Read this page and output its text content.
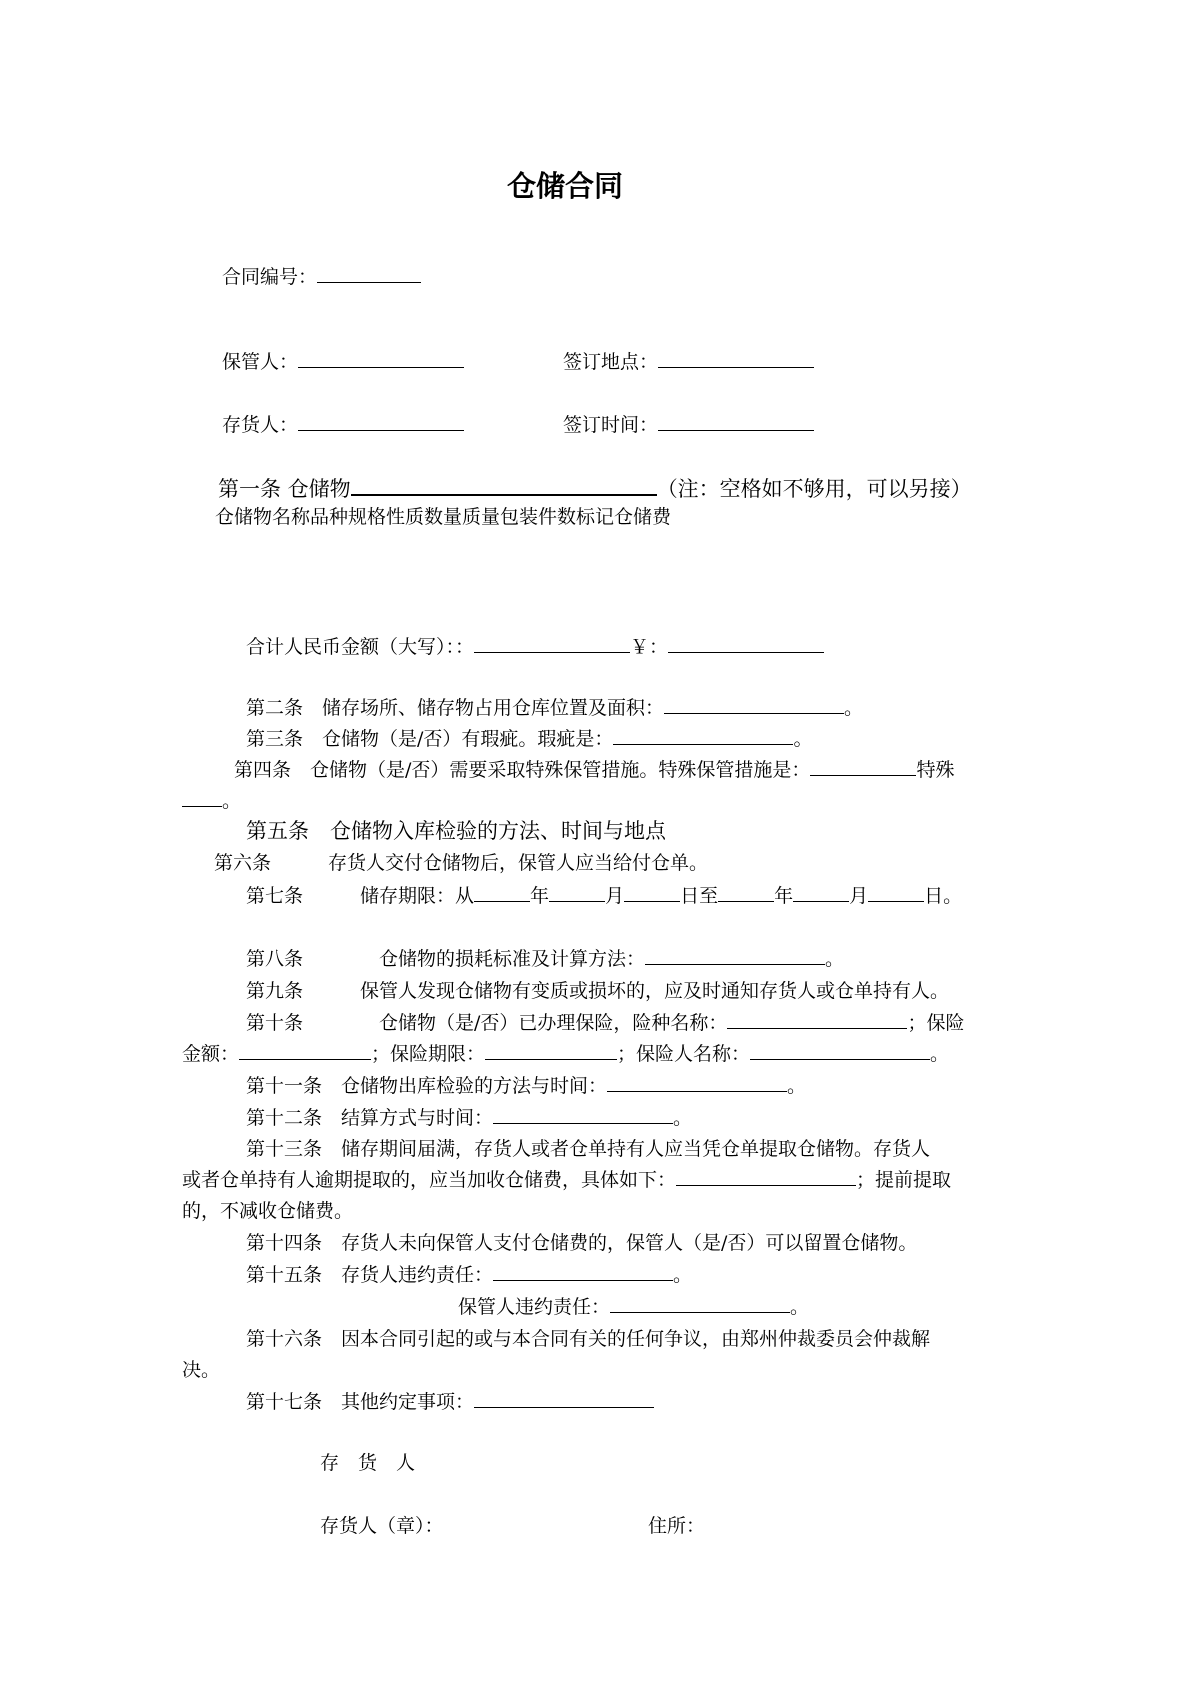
仓储合同
合同编号：
保管人：	签订地点：
存货人：	签订时间：
第一条 仓储物	（注：空格如不够用，可以另接）
仓储物名称品种规格性质数量质量包装件数标记仓储费
合计人民币金额（大写）：：	￥：
第二条　 储存场所、储存物占用仓库位置及面积：	。
第三条　 仓储物（是/否）有瑕疵。瑕疵是：	。
第四条　 仓储物（是/否）需要采取特殊保管措施。特殊保管措施是：	特殊
。
第五条　 仓储物入库检验的方法、时间与地点
第六条　　　	存货人交付仓储物后，保管人应当给付仓单。
第七条　　　	储存期限：从	年	月	日至	年	月	日。
第八条　　　　	仓储物的损耗标准及计算方法：	。
第九条　　　	保管人发现仓储物有变质或损坏的，应及时通知存货人或仓单持有人。
第十条　　　　	仓储物（是/否）已办理保险，险种名称：	；保险
金额：	；保险期限：	；保险人名称：	。
第十一条　 仓储物出库检验的方法与时间：	。
第十二条　 结算方式与时间：	。
第十三条　 储存期间届满，存货人或者仓单持有人应当凭仓单提取仓储物。存货人
或者仓单持有人逾期提取的，应当加收仓储费，具体如下：	；提前提取
的，不减收仓储费。
第十四条　 存货人未向保管人支付仓储费的，保管人（是/否）可以留置仓储物。
第十五条　 存货人违约责任：	。
保管人违约责任：	。
第十六条　 因本合同引起的或与本合同有关的任何争议，由郑州仲裁委员会仲裁解
决。
第十七条　 其他约定事项：
存　货　人
存货人（章）：	住所：
